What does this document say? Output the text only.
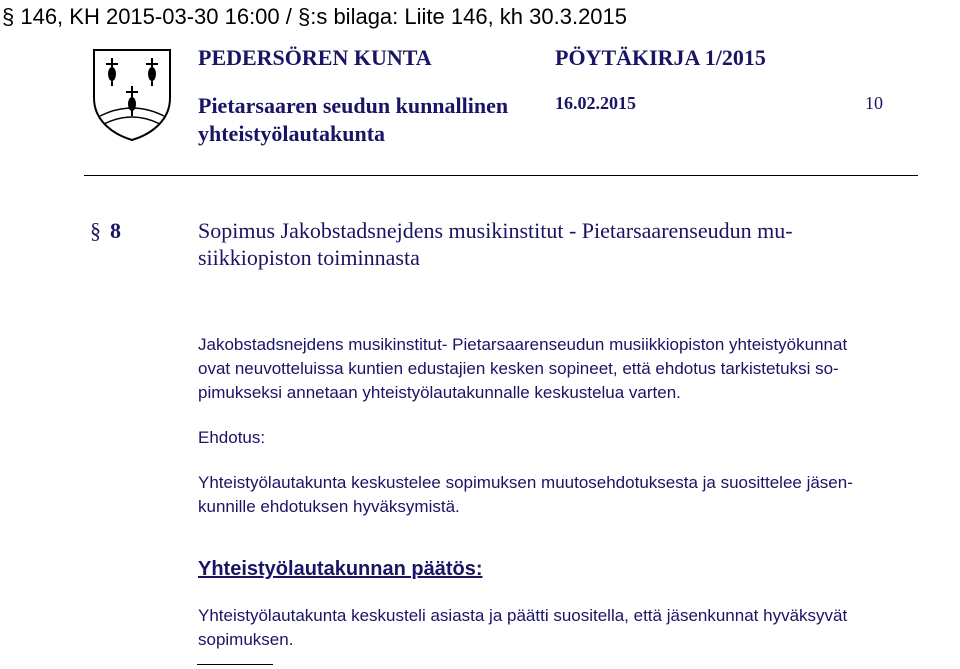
§ 146, KH 2015-03-30 16:00 / §:s bilaga: Liite 146, kh 30.3.2015
PEDERSÖREN KUNTA	PÖYTÄKIRJA 1/2015
Pietarsaaren seudun kunnallinen
yhteistyölautakunta
16.02.2015	10
§ 8	Sopimus Jakobstadsnejdens musikinstitut - Pietarsaarenseudun mu-
siikkiopiston toiminnasta
Jakobstadsnejdens musikinstitut- Pietarsaarenseudun musiikkiopiston yhteistyökunnat
ovat neuvotteluissa kuntien edustajien kesken sopineet, että ehdotus tarkistetuksi so-
pimukseksi annetaan yhteistyölautakunnalle keskustelua varten.
Ehdotus:
Yhteistyölautakunta keskustelee sopimuksen muutosehdotuksesta ja suosittelee jäsen-
kunnille ehdotuksen hyväksymistä.
Yhteistyölautakunnan päätös:
Yhteistyölautakunta keskusteli asiasta ja päätti suositella, että jäsenkunnat hyväksyvät
sopimuksen.
